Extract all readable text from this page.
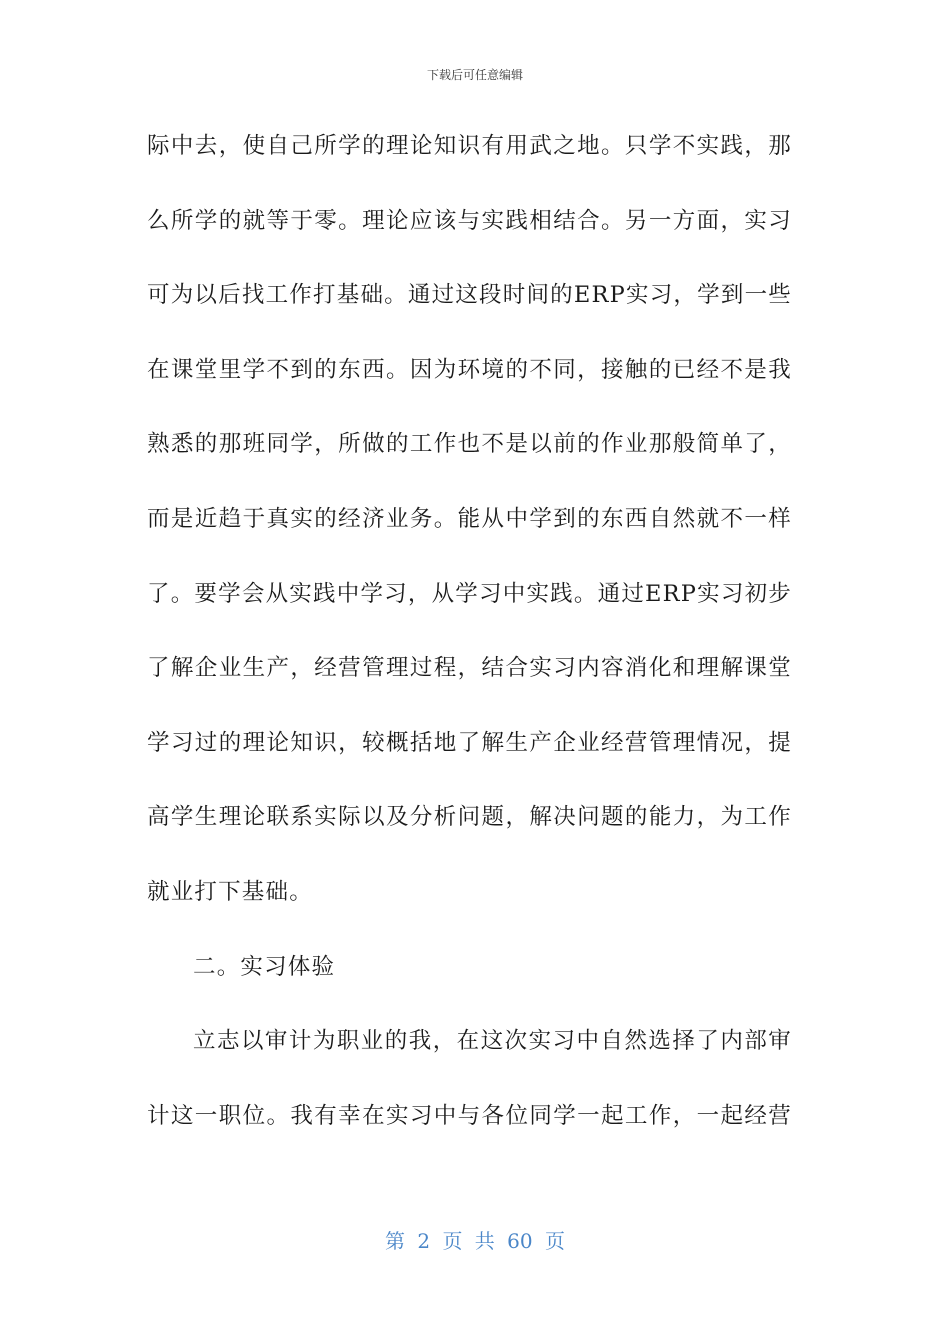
下载后可任意编辑
际中去，使自己所学的理论知识有用武之地。只学不实践，那
么所学的就等于零。理论应该与实践相结合。另一方面，实习
可为以后找工作打基础。通过这段时间的ERP实习，学到一些
在课堂里学不到的东西。因为环境的不同，接触的已经不是我
熟悉的那班同学，所做的工作也不是以前的作业那般简单了，
而是近趋于真实的经济业务。能从中学到的东西自然就不一样
了。要学会从实践中学习，从学习中实践。通过ERP实习初步
了解企业生产，经营管理过程，结合实习内容消化和理解课堂
学习过的理论知识，较概括地了解生产企业经营管理情况，提
高学生理论联系实际以及分析问题，解决问题的能力，为工作
就业打下基础。
二。实习体验
立志以审计为职业的我，在这次实习中自然选择了内部审
计这一职位。我有幸在实习中与各位同学一起工作，一起经营
第 2 页 共 60 页
